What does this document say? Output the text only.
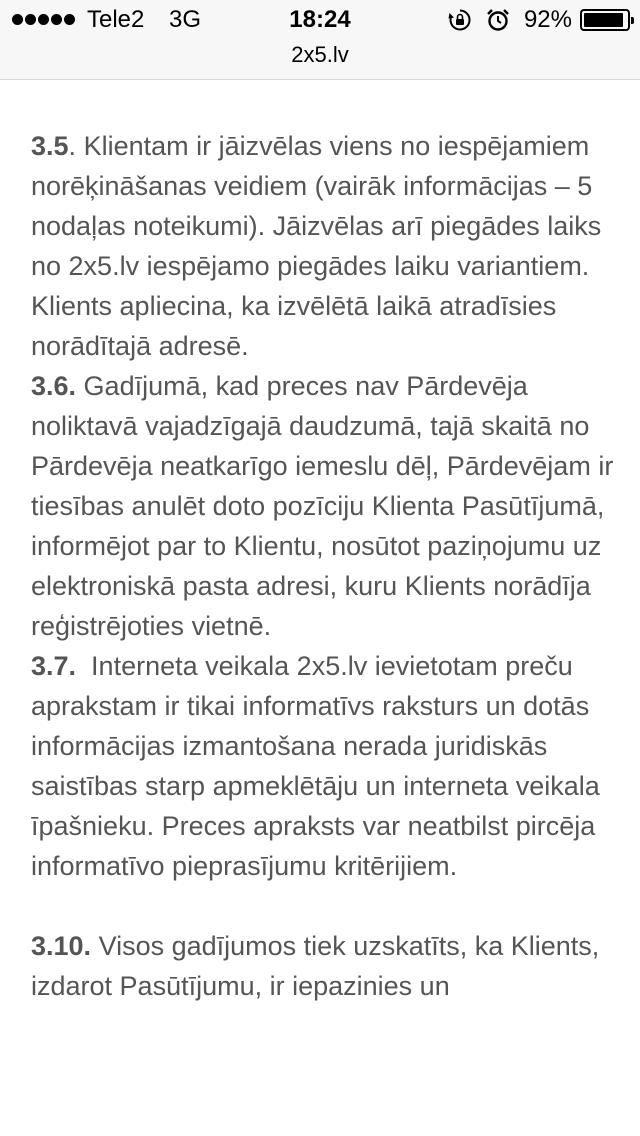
Tele2 3G	18:24	92%
2x5.lv

3.5. Klientam ir jāizvēlas viens no iespējamiem norēķināšanas veidiem (vairāk informācijas – 5 nodaļas noteikumi). Jāizvēlas arī piegādes laiks no 2x5.lv iespējamo piegādes laiku variantiem. Klients apliecina, ka izvēlētā laikā atradīsies norādītajā adresē.

3.6. Gadījumā, kad preces nav Pārdevēja noliktavā vajadzīgajā daudzumā, tajā skaitā no Pārdevēja neatkarīgo iemeslu dēļ, Pārdevējam ir tiesības anulēt doto pozīciju Klienta Pasūtījumā, informējot par to Klientu, nosūtot paziņojumu uz elektroniskā pasta adresi, kuru Klients norādīja reģistrējoties vietnē.

3.7.  Interneta veikala 2x5.lv ievietotam preču aprakstam ir tikai informatīvs raksturs un dotās informācijas izmantošana nerada juridiskās saistības starp apmeklētāju un interneta veikala īpašnieku. Preces apraksts var neatbilst pircēja informatīvo pieprasījumu kritērijiem.

3.10. Visos gadījumos tiek uzskatīts, ka Klients, izdarot Pasūtījumu, ir iepazinies un
